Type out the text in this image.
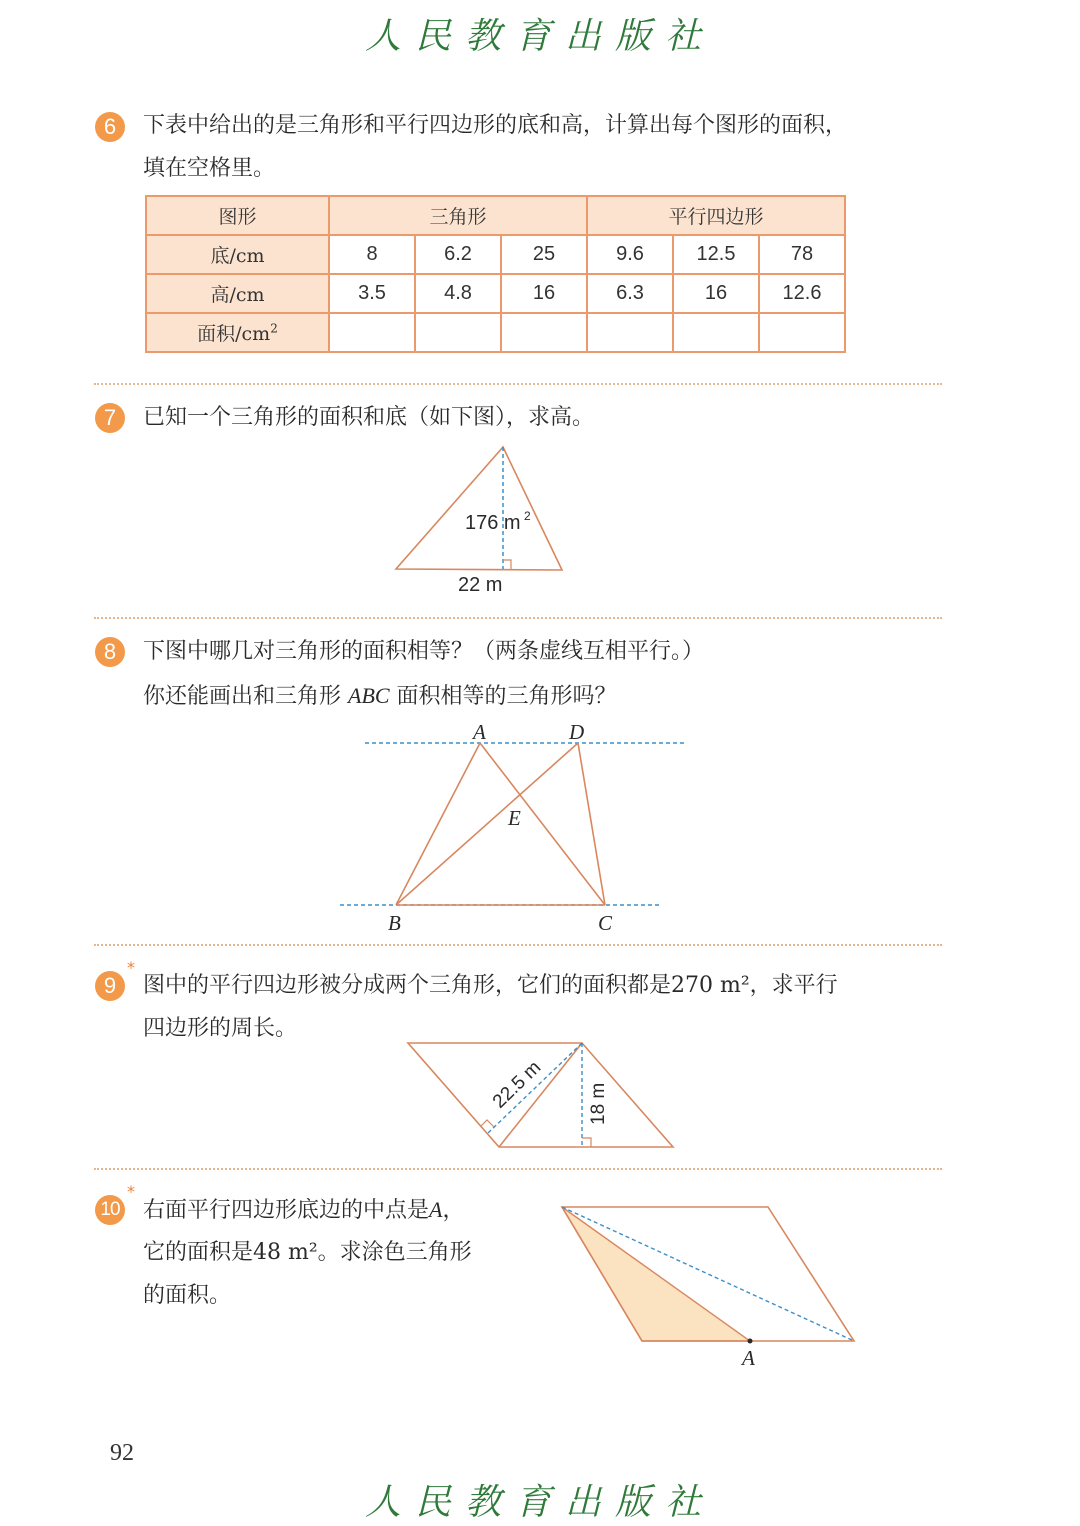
人民教育出版社
6	下表中给出的是三角形和平行四边形的底和高，计算出每个图形的面积，
填在空格里。
图形	三角形			平行四边形		
底/cm	8	6.2	25	9.6	12.5	78
高/cm	3.5	4.8	16	6.3	16	12.6
面积$/cm^2$						
7	已知一个三角形的面积和底（如下图），求高。
176 m 2
22 m
8	下图中哪几对三角形的面积相等？（两条虚线互相平行。）
你还能画出和三角形 ABC 面积相等的三角形吗？
A	D
E
B	C
*
9	图中的平行四边形被分成两个三角形，它们的面积都是270 m²，求平行
四边形的周长。
22.5 m 18 m
*
10 右面平行四边形底边的中点是A，
它的面积是48 m²。求涂色三角形
的面积。
A
92
人民教育出版社
